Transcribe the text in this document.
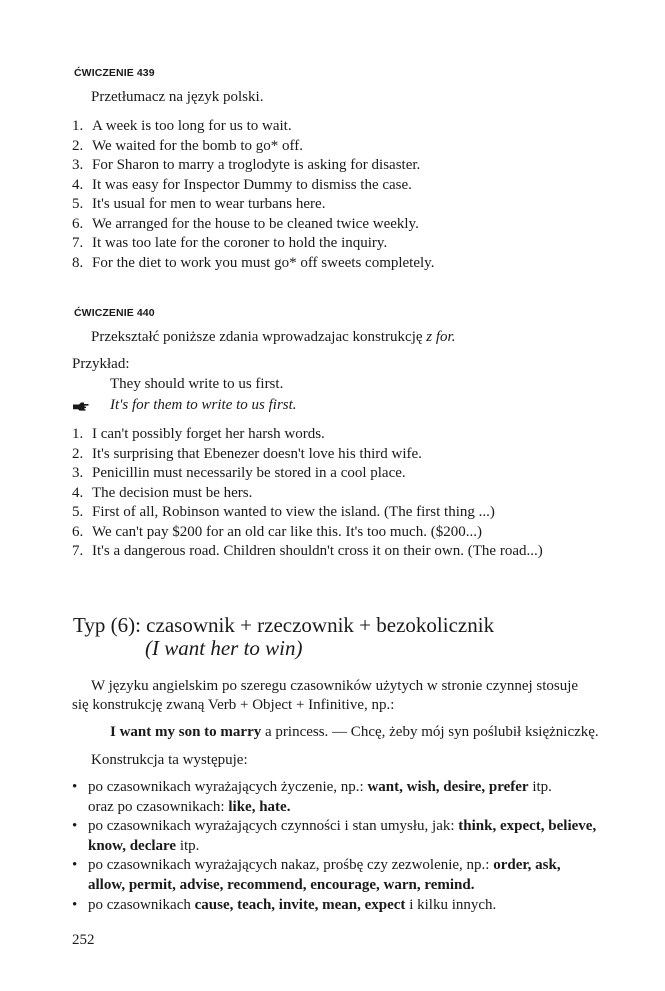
ĆWICZENIE 439
Przetłumacz na język polski.
1. A week is too long for us to wait.
2. We waited for the bomb to go* off.
3. For Sharon to marry a troglodyte is asking for disaster.
4. It was easy for Inspector Dummy to dismiss the case.
5. It's usual for men to wear turbans here.
6. We arranged for the house to be cleaned twice weekly.
7. It was too late for the coroner to hold the inquiry.
8. For the diet to work you must go* off sweets completely.
ĆWICZENIE 440
Przekształć poniższe zdania wprowadzajac konstrukcję z for.
Przykład:
They should write to us first.
It's for them to write to us first.
1. I can't possibly forget her harsh words.
2. It's surprising that Ebenezer doesn't love his third wife.
3. Penicillin must necessarily be stored in a cool place.
4. The decision must be hers.
5. First of all, Robinson wanted to view the island. (The first thing ...)
6. We can't pay $200 for an old car like this. It's too much. ($200...)
7. It's a dangerous road. Children shouldn't cross it on their own. (The road...)
Typ (6): czasownik + rzeczownik + bezokolicznik
(I want her to win)
W języku angielskim po szeregu czasowników użytych w stronie czynnej stosuje
się konstrukcję zwaną Verb + Object + Infinitive, np.:
I want my son to marry a princess. — Chcę, żeby mój syn poślubił księżniczkę.
Konstrukcja ta występuje:
• po czasownikach wyrażających życzenie, np.: want, wish, desire, prefer itp.
oraz po czasownikach: like, hate.
• po czasownikach wyrażających czynności i stan umysłu, jak: think, expect, believe,
know, declare itp.
• po czasownikach wyrażających nakaz, prośbę czy zezwolenie, np.: order, ask,
allow, permit, advise, recommend, encourage, warn, remind.
• po czasownikach cause, teach, invite, mean, expect i kilku innych.
252
